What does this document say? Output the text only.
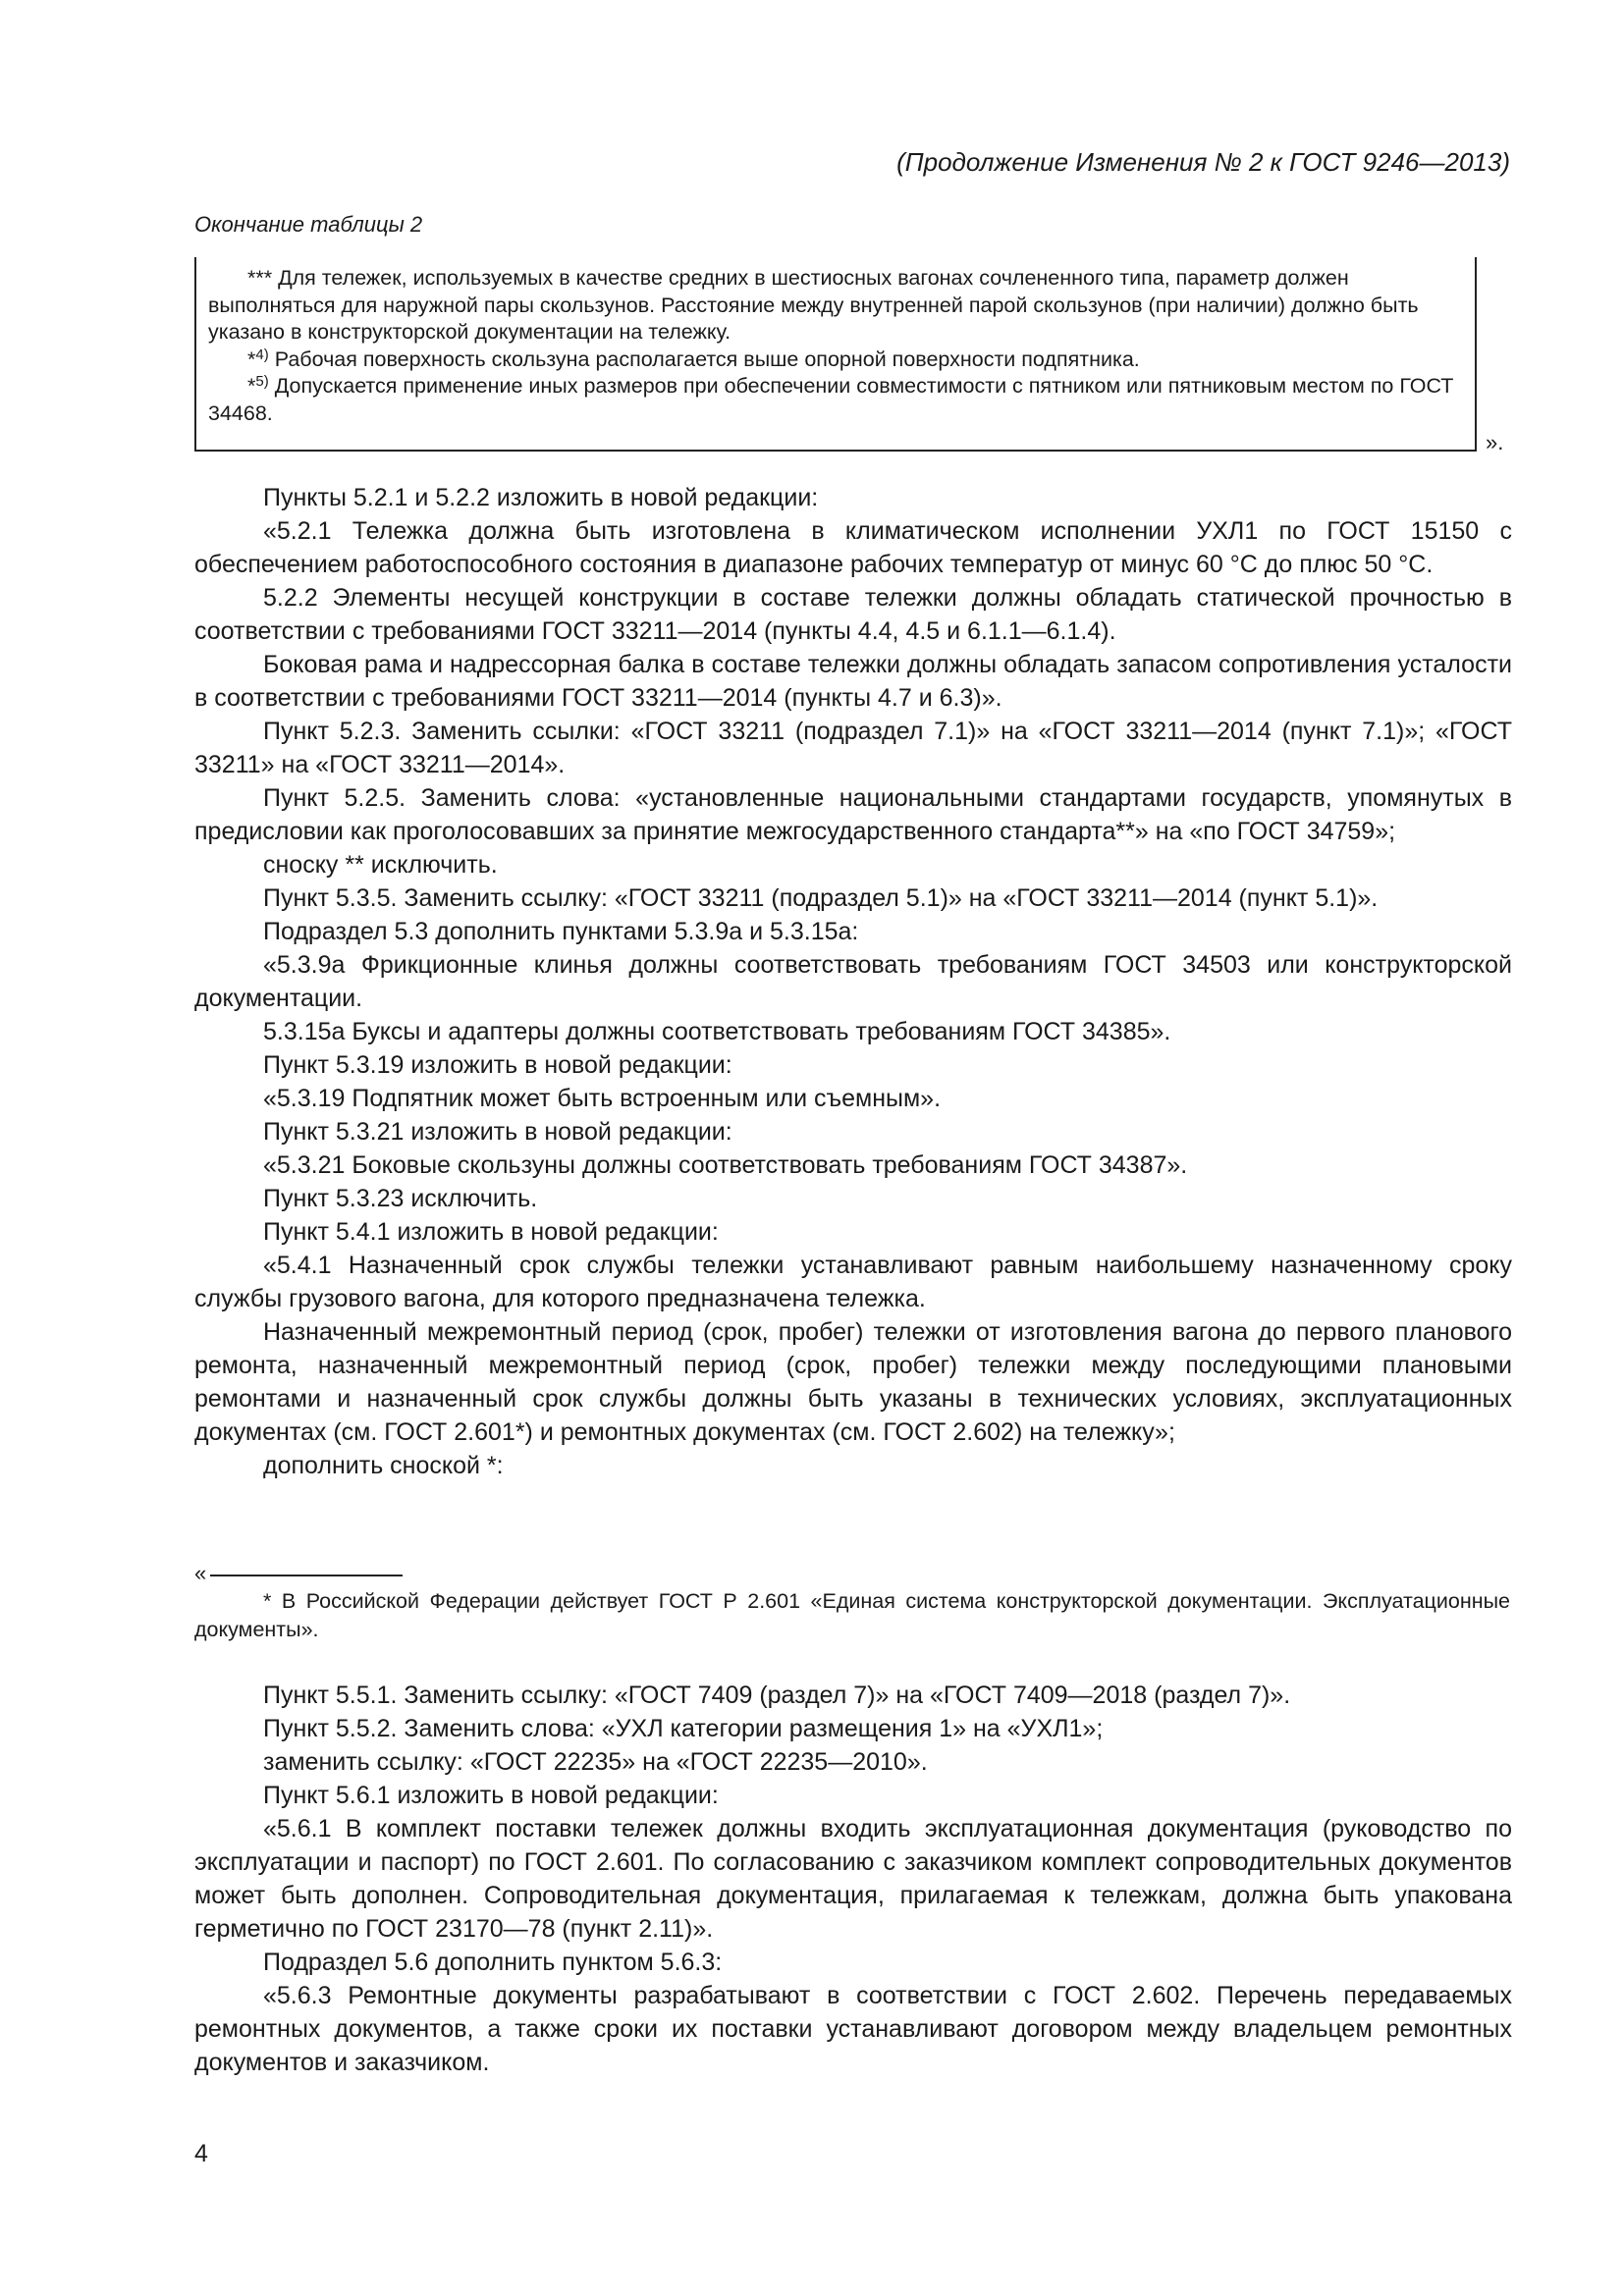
(Продолжение Изменения № 2 к ГОСТ 9246—2013)
Окончание таблицы 2

*** Для тележек, используемых в качестве средних в шестиосных вагонах сочлененного типа, параметр должен выполняться для наружной пары скользунов. Расстояние между внутренней парой скользунов (при наличии) должно быть указано в конструкторской документации на тележку.

*$^{4)}$ Рабочая поверхность скользуна располагается выше опорной поверхности подпятника.

*$^{5)}$ Допускается применение иных размеров при обеспечении совместимости с пятником или пятниковым местом по ГОСТ 34468.

».

Пункты 5.2.1 и 5.2.2 изложить в новой редакции:

«5.2.1 Тележка должна быть изготовлена в климатическом исполнении УХЛ1 по ГОСТ 15150 с обеспечением работоспособного состояния в диапазоне рабочих температур от минус 60 °С до плюс 50 °С.

5.2.2 Элементы несущей конструкции в составе тележки должны обладать статической прочностью в соответствии с требованиями ГОСТ 33211—2014 (пункты 4.4, 4.5 и 6.1.1—6.1.4).

Боковая рама и надрессорная балка в составе тележки должны обладать запасом сопротивления усталости в соответствии с требованиями ГОСТ 33211—2014 (пункты 4.7 и 6.3)».

Пункт 5.2.3. Заменить ссылки: «ГОСТ 33211 (подраздел 7.1)» на «ГОСТ 33211—2014 (пункт 7.1)»; «ГОСТ 33211» на «ГОСТ 33211—2014».

Пункт 5.2.5. Заменить слова: «установленные национальными стандартами государств, упомянутых в предисловии как проголосовавших за принятие межгосударственного стандарта**» на «по ГОСТ 34759»;

сноску ** исключить.

Пункт 5.3.5. Заменить ссылку: «ГОСТ 33211 (подраздел 5.1)» на «ГОСТ 33211—2014 (пункт 5.1)».

Подраздел 5.3 дополнить пунктами 5.3.9а и 5.3.15а:

«5.3.9а Фрикционные клинья должны соответствовать требованиям ГОСТ 34503 или конструкторской документации.

5.3.15а Буксы и адаптеры должны соответствовать требованиям ГОСТ 34385».

Пункт 5.3.19 изложить в новой редакции:

«5.3.19 Подпятник может быть встроенным или съемным».

Пункт 5.3.21 изложить в новой редакции:

«5.3.21 Боковые скользуны должны соответствовать требованиям ГОСТ 34387».

Пункт 5.3.23 исключить.

Пункт 5.4.1 изложить в новой редакции:

«5.4.1 Назначенный срок службы тележки устанавливают равным наибольшему назначенному сроку службы грузового вагона, для которого предназначена тележка.

Назначенный межремонтный период (срок, пробег) тележки от изготовления вагона до первого планового ремонта, назначенный межремонтный период (срок, пробег) тележки между последующими плановыми ремонтами и назначенный срок службы должны быть указаны в технических условиях, эксплуатационных документах (см. ГОСТ 2.601*) и ремонтных документах (см. ГОСТ 2.602) на тележку»;

дополнить сноской *:

«

* В Российской Федерации действует ГОСТ Р 2.601 «Единая система конструкторской документации. Эксплуатационные документы».

Пункт 5.5.1. Заменить ссылку: «ГОСТ 7409 (раздел 7)» на «ГОСТ 7409—2018 (раздел 7)».

Пункт 5.5.2. Заменить слова: «УХЛ категории размещения 1» на «УХЛ1»;

заменить ссылку: «ГОСТ 22235» на «ГОСТ 22235—2010».

Пункт 5.6.1 изложить в новой редакции:

«5.6.1 В комплект поставки тележек должны входить эксплуатационная документация (руководство по эксплуатации и паспорт) по ГОСТ 2.601. По согласованию с заказчиком комплект сопроводительных документов может быть дополнен. Сопроводительная документация, прилагаемая к тележкам, должна быть упакована герметично по ГОСТ 23170—78 (пункт 2.11)».

Подраздел 5.6 дополнить пунктом 5.6.3:

«5.6.3 Ремонтные документы разрабатывают в соответствии с ГОСТ 2.602. Перечень передаваемых ремонтных документов, а также сроки их поставки устанавливают договором между владельцем ремонтных документов и заказчиком.

4
